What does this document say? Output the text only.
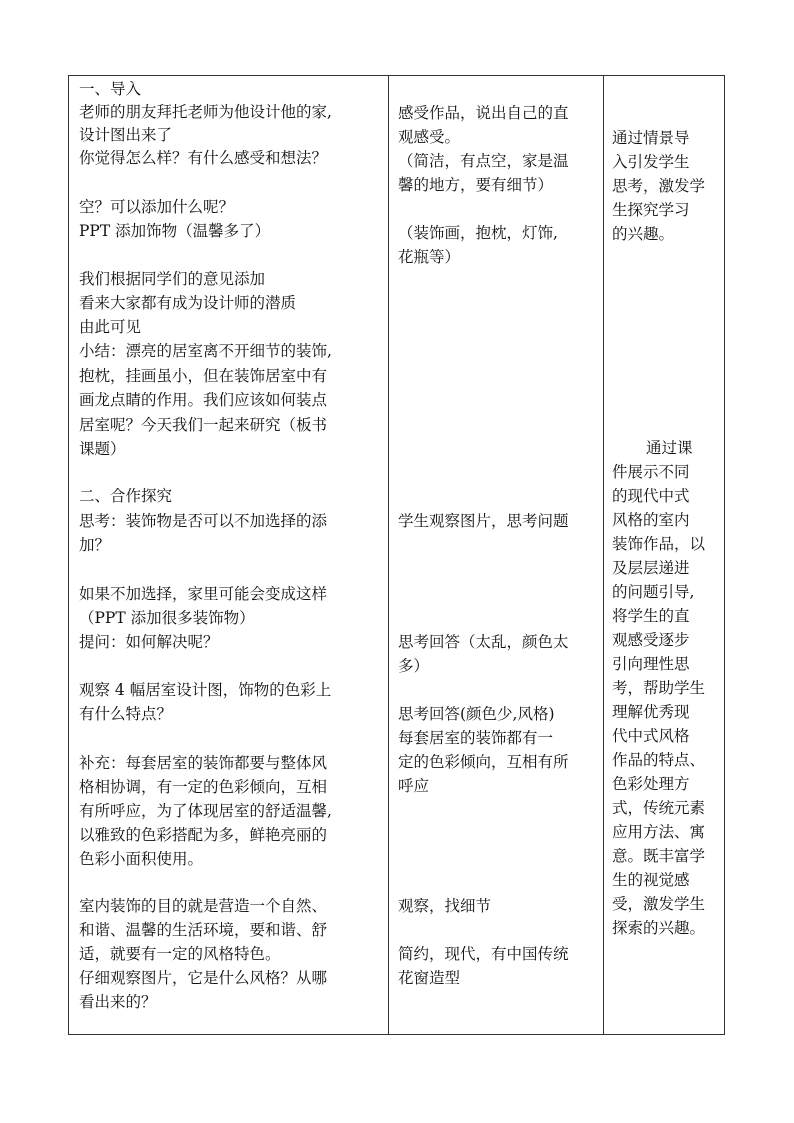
一、导入
老师的朋友拜托老师为他设计他的家,
设计图出来了
你觉得怎么样？有什么感受和想法？
空？可以添加什么呢？
PPT 添加饰物（温馨多了）
我们根据同学们的意见添加
看来大家都有成为设计师的潜质
由此可见
小结：漂亮的居室离不开细节的装饰,
抱枕，挂画虽小，但在装饰居室中有
画龙点睛的作用。我们应该如何装点
居室呢？今天我们一起来研究（板书
课题）
二、合作探究
思考：装饰物是否可以不加选择的添
加？
如果不加选择，家里可能会变成这样
（PPT 添加很多装饰物）
提问：如何解决呢？
观察 4 幅居室设计图，饰物的色彩上
有什么特点？
补充：每套居室的装饰都要与整体风
格相协调，有一定的色彩倾向，互相
有所呼应，为了体现居室的舒适温馨,
以雅致的色彩搭配为多，鲜艳亮丽的
色彩小面积使用。
室内装饰的目的就是营造一个自然、
和谐、温馨的生活环境，要和谐、舒
适，就要有一定的风格特色。
仔细观察图片，它是什么风格？从哪
看出来的？
感受作品，说出自己的直
观感受。
（简洁，有点空，家是温
馨的地方，要有细节）
（装饰画，抱枕，灯饰,
花瓶等）
学生观察图片，思考问题
思考回答（太乱，颜色太
多）
思考回答(颜色少,风格)
每套居室的装饰都有一
定的色彩倾向，互相有所
呼应
观察，找细节
简约，现代，有中国传统
花窗造型
通过情景导
入引发学生
思考，激发学
生探究学习
的兴趣。
通过课
件展示不同
的现代中式
风格的室内
装饰作品，以
及层层递进
的问题引导,
将学生的直
观感受逐步
引向理性思
考，帮助学生
理解优秀现
代中式风格
作品的特点、
色彩处理方
式，传统元素
应用方法、寓
意。既丰富学
生的视觉感
受，激发学生
探索的兴趣。
